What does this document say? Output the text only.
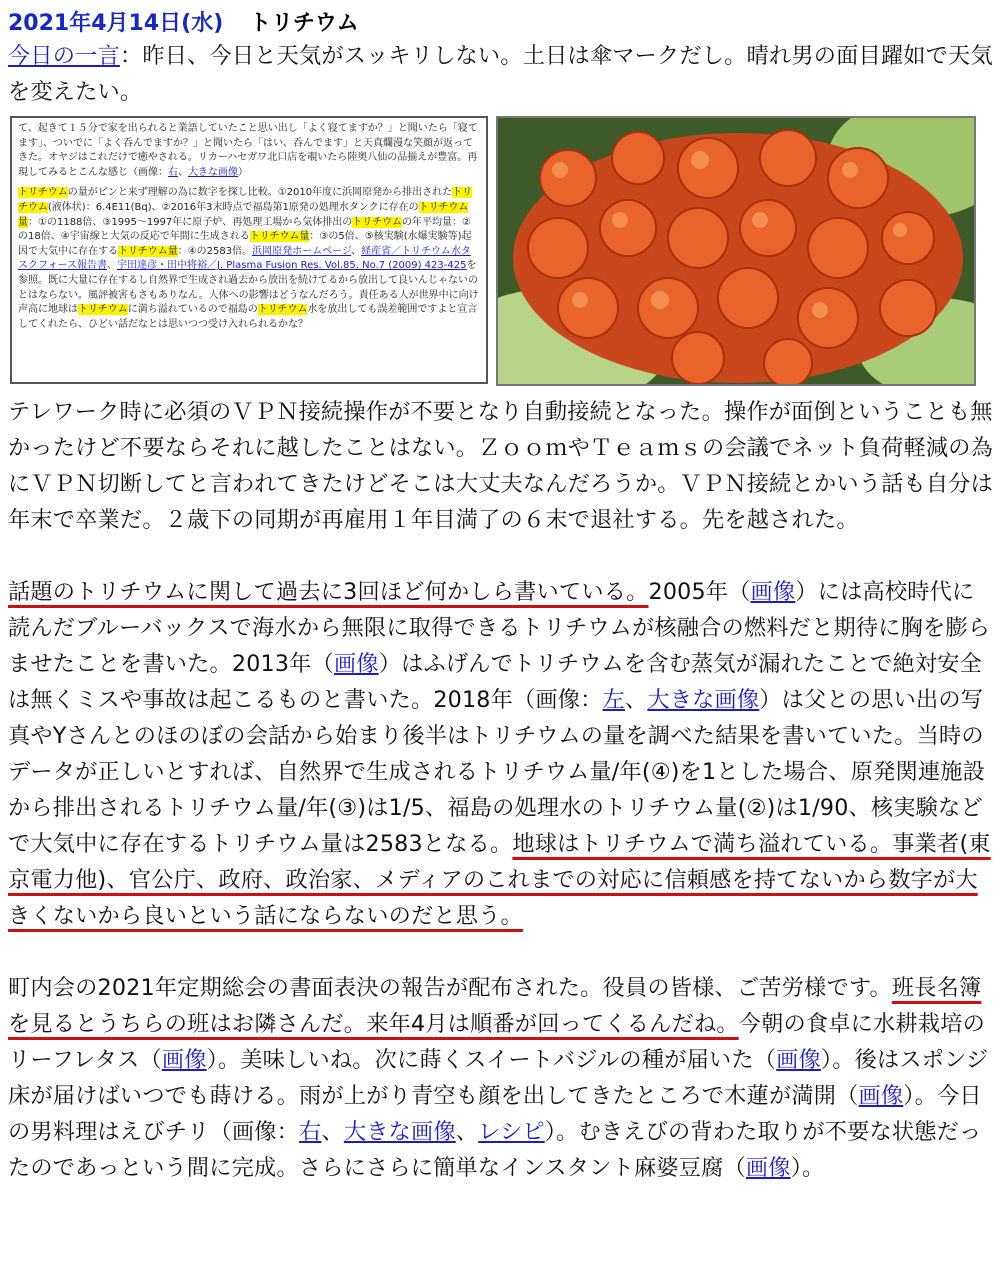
2021年4月14日(水) トリチウム

今日の一言：昨日、今日と天気がスッキリしない。土日は傘マークだし。晴れ男の面目躍如で天気を変えたい。

て、起きて１５分で家を出られると業語していたこと思い出し「よく寝てますか？」と聞いたら「寝てます」、ついでに「よく呑んでますか？」と聞いたら「はい、呑んでます」と天真爛漫な笑顔が返ってきた。オヤジはこれだけで癒やされる。リカーハセガワ北口店を覗いたら陸奥八仙の品揃えが豊富。再現してみるとこんな感じ（画像：右、大きな画像）

トリチウムの量がピンと来ず理解の為に数字を探し比較。①2010年度に浜岡原発から排出されたトリチウム(液体状)：6.4E11(Bq)、②2016年3末時点で福島第1原発の処理水タンクに存在のトリチウム量：①の1188倍、③1995～1997年に原子炉、再処理工場から気体排出のトリチウムの年平均量：②の18倍、④宇宙線と大気の反応で年間に生成されるトリチウム量：③の5倍、⑤核実験(水爆実験等)起因で大気中に存在するトリチウム量：④の2583倍。浜岡原発ホームページ、経産省／トリチウム水タスクフォース報告書、宇田達彦・田中将裕／J. Plasma Fusion Res. Vol.85, No.7 (2009) 423-425を参照。既に大量に存在するし自然界で生成され過去から放出を続けてるから放出して良いんじゃないのとはならない。風評被害もさもありなん。人体への影響はどうなんだろう。責任ある人が世界中に向け声高に地球はトリチウムに満ち溢れているので福島のトリチウム水を放出しても誤差範囲ですよと宣言してくれたら、ひどい話だなとは思いつつ受け入れられるかな？

テレワーク時に必須のＶＰＮ接続操作が不要となり自動接続となった。操作が面倒ということも無かったけど不要ならそれに越したことはない。ＺｏｏｍやＴｅａｍｓの会議でネット負荷軽減の為にＶＰＮ切断してと言われてきたけどそこは大丈夫なんだろうか。ＶＰＮ接続とかいう話も自分は年末で卒業だ。２歳下の同期が再雇用１年目満了の６末で退社する。先を越された。

話題のトリチウムに関して過去に3回ほど何かしら書いている。2005年（画像）には高校時代に読んだブルーバックスで海水から無限に取得できるトリチウムが核融合の燃料だと期待に胸を膨らませたことを書いた。2013年（画像）はふげんでトリチウムを含む蒸気が漏れたことで絶対安全は無くミスや事故は起こるものと書いた。2018年（画像：左、大きな画像）は父との思い出の写真やYさんとのほのぼの会話から始まり後半はトリチウムの量を調べた結果を書いていた。当時のデータが正しいとすれば、自然界で生成されるトリチウム量/年(④)を1とした場合、原発関連施設から排出されるトリチウム量/年(③)は1/5、福島の処理水のトリチウム量(②)は1/90、核実験などで大気中に存在するトリチウム量は2583となる。地球はトリチウムで満ち溢れている。事業者(東京電力他)、官公庁、政府、政治家、メディアのこれまでの対応に信頼感を持てないから数字が大きくないから良いという話にならないのだと思う。

町内会の2021年定期総会の書面表決の報告が配布された。役員の皆様、ご苦労様です。班長名簿を見るとうちらの班はお隣さんだ。来年4月は順番が回ってくるんだね。今朝の食卓に水耕栽培のリーフレタス（画像）。美味しいね。次に蒔くスイートバジルの種が届いた（画像）。後はスポンジ床が届けばいつでも蒔ける。雨が上がり青空も顔を出してきたところで木蓮が満開（画像）。今日の男料理はえびチリ（画像：右、大きな画像、レシピ）。むきえびの背わた取りが不要な状態だったのであっという間に完成。さらにさらに簡単なインスタント麻婆豆腐（画像）。
